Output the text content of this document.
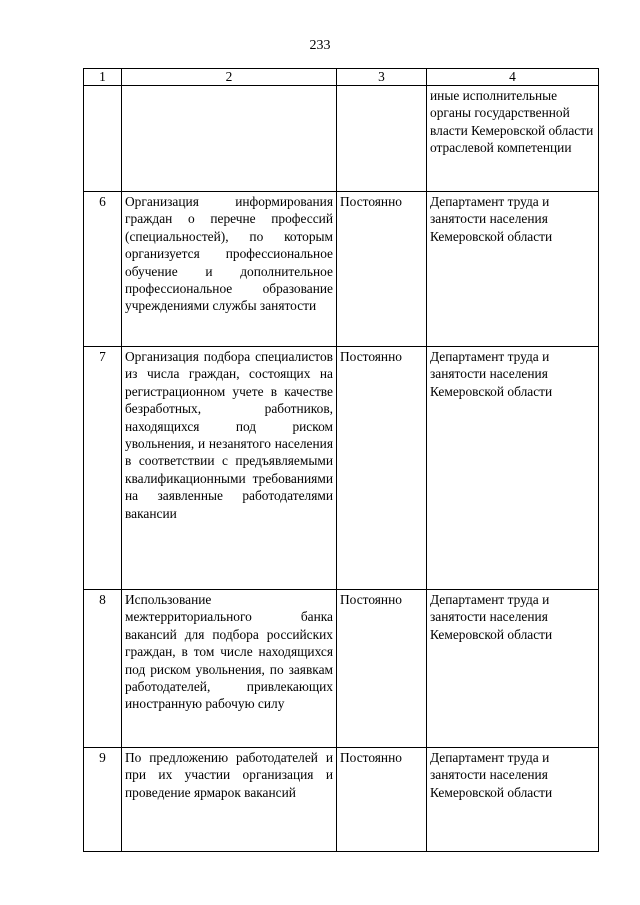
233
1	2	3	4
			иные исполнительные органы государственной власти Кемеровской области отраслевой компетенции
6	Организация информирования граждан о перечне профессий (специальностей), по которым организуется профессиональное обучение и дополнительное профессиональное образование учреждениями службы занятости	Постоянно	Департамент труда и занятости населения Кемеровской области
7	Организация подбора специалистов из числа граждан, состоящих на регистрационном учете в качестве безработных, работников, находящихся под риском увольнения, и незанятого населения в соответствии с предъявляемыми квалификационными требованиями на заявленные работодателями вакансии	Постоянно	Департамент труда и занятости населения Кемеровской области
8	Использование межтерриториального банка вакансий для подбора российских граждан, в том числе находящихся под риском увольнения, по заявкам работодателей, привлекающих иностранную рабочую силу	Постоянно	Департамент труда и занятости населения Кемеровской области
9	По предложению работодателей и при их участии организация и проведение ярмарок вакансий	Постоянно	Департамент труда и занятости населения Кемеровской области
